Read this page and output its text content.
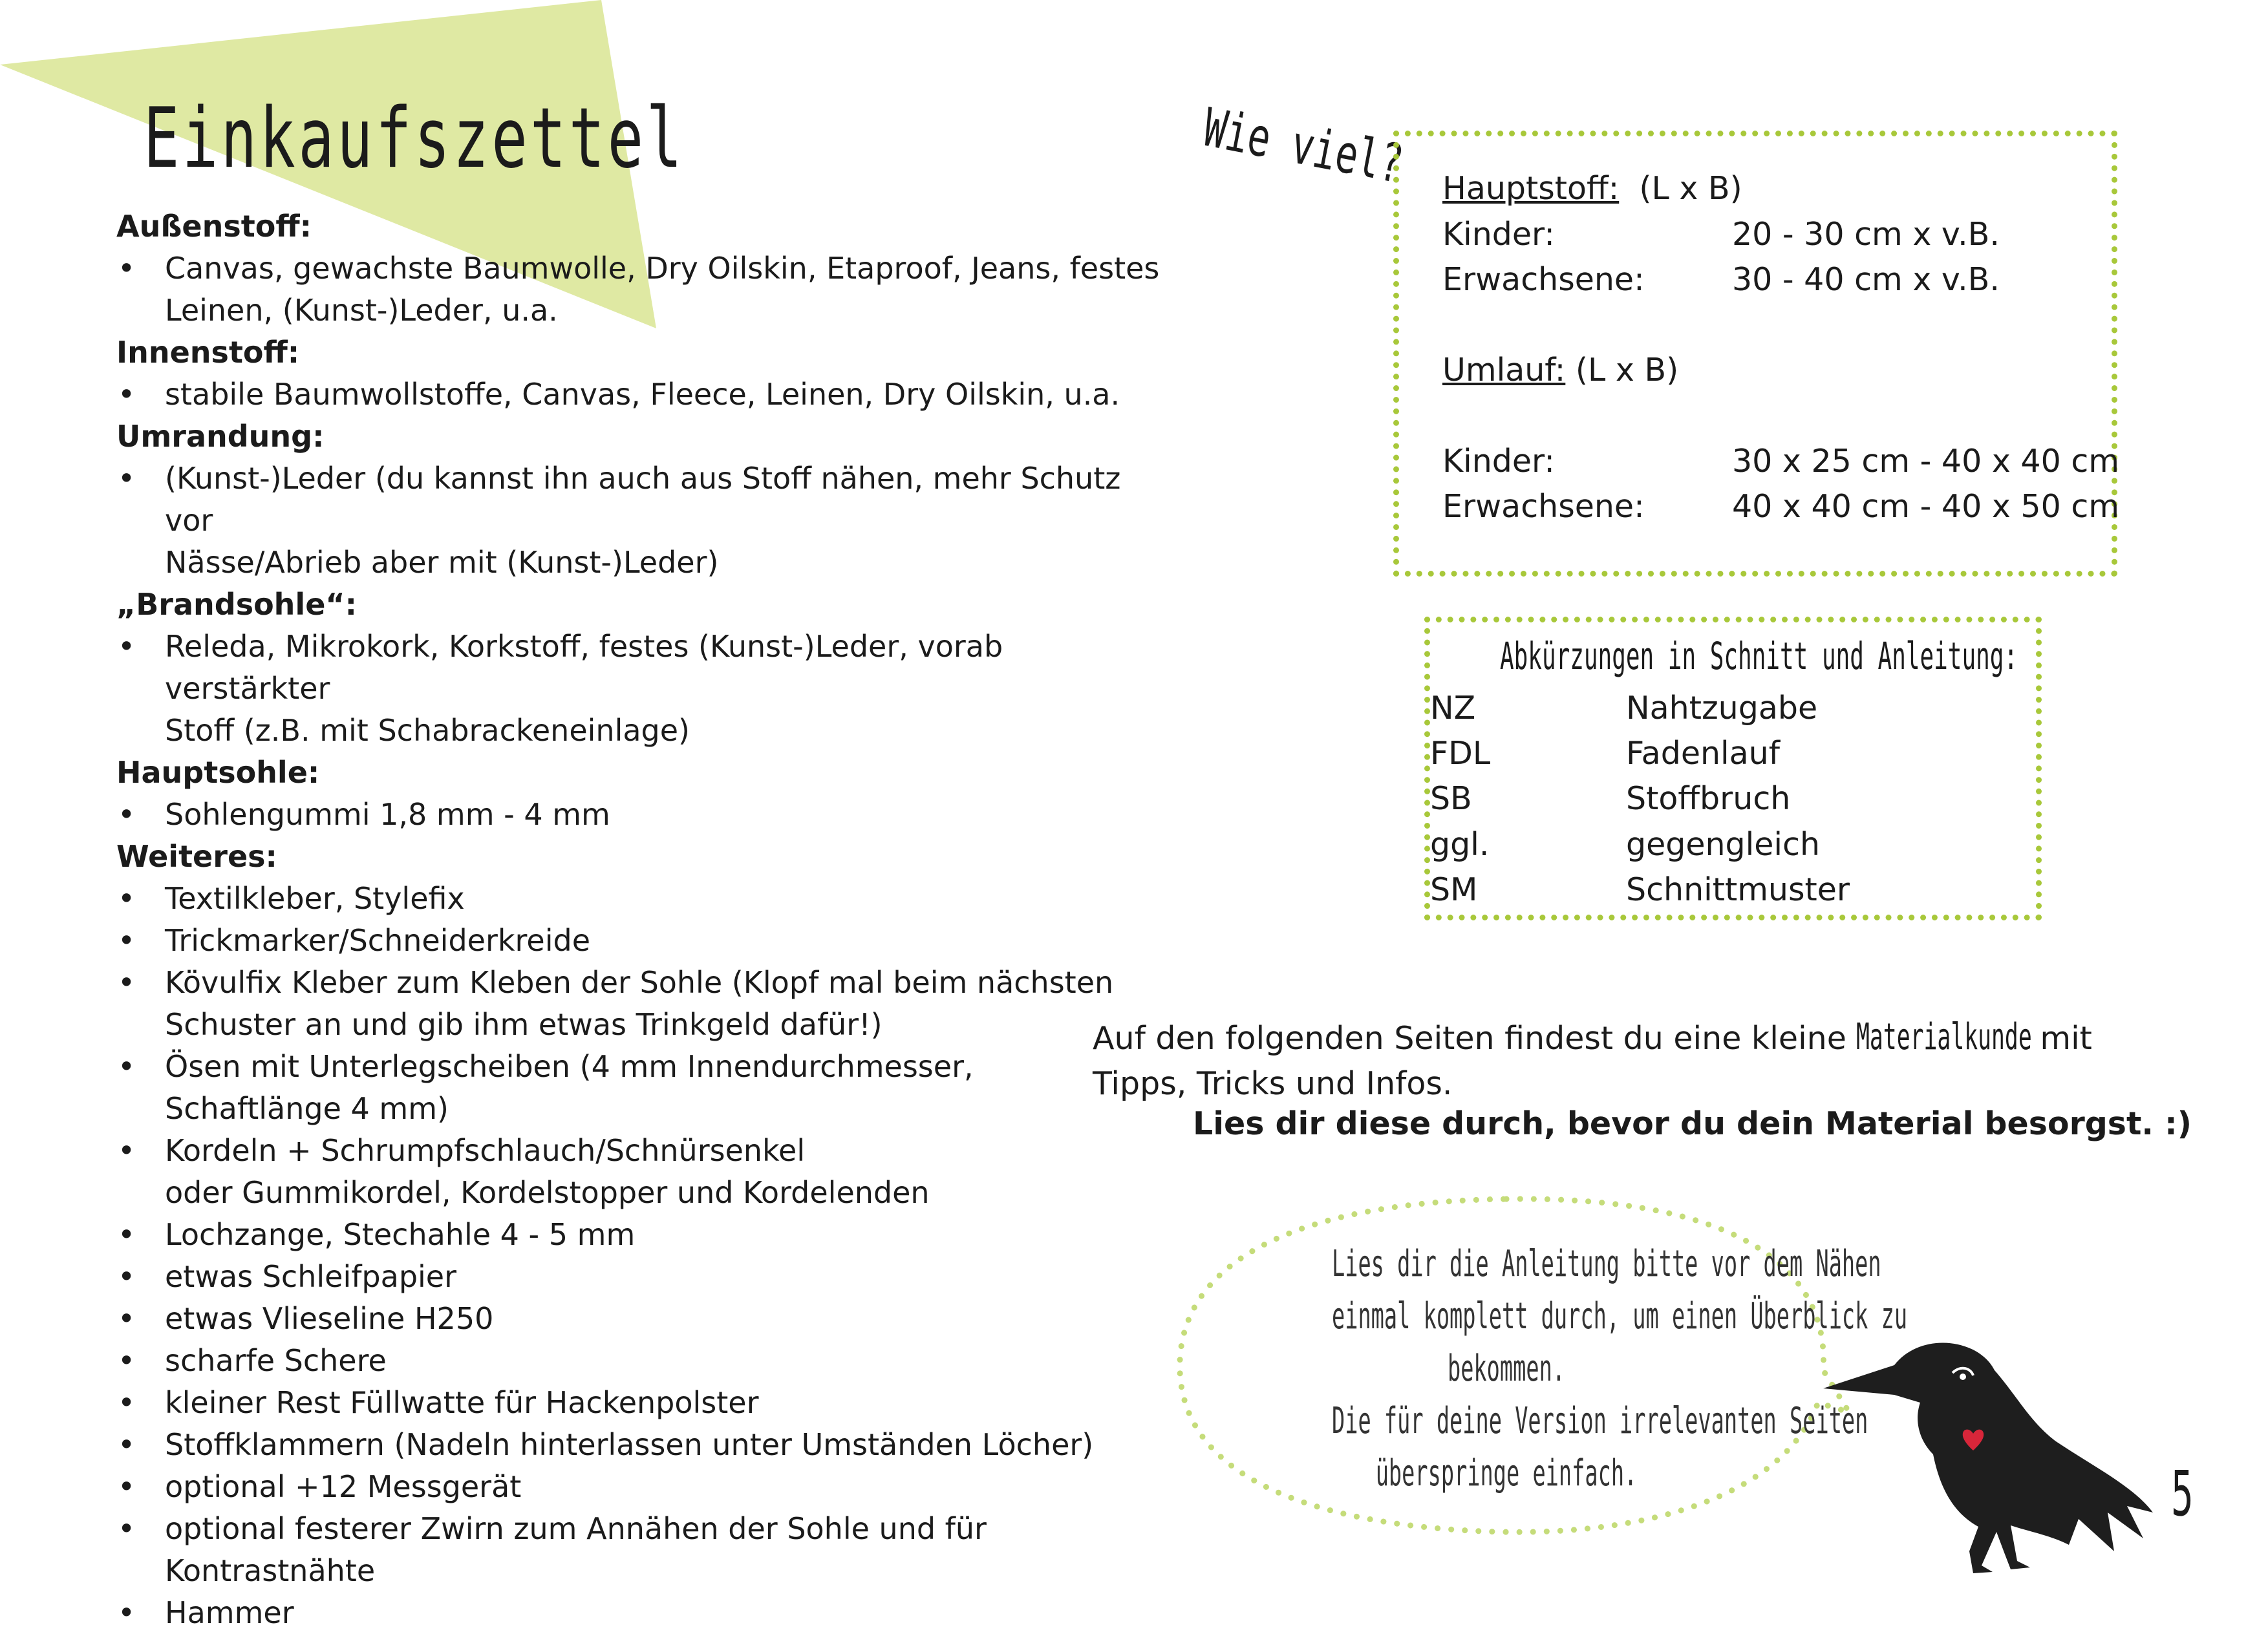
Einkaufszettel
Außenstoff:
• Canvas, gewachste Baumwolle, Dry Oilskin, Etaproof, Jeans, festes
Leinen, (Kunst-)Leder, u.a.
Innenstoff:
• stabile Baumwollstoffe, Canvas, Fleece, Leinen, Dry Oilskin, u.a.
Umrandung:
• (Kunst-)Leder (du kannst ihn auch aus Stoff nähen, mehr Schutz vor
Nässe/Abrieb aber mit (Kunst-)Leder)
„Brandsohle“:
• Releda, Mikrokork, Korkstoff, festes (Kunst-)Leder, vorab verstärkter
Stoff (z.B. mit Schabrackeneinlage)
Hauptsohle:
• Sohlengummi 1,8 mm - 4 mm
Weiteres:
• Textilkleber, Stylefix
• Trickmarker/Schneiderkreide
• Kövulfix Kleber zum Kleben der Sohle (Klopf mal beim nächsten
Schuster an und gib ihm etwas Trinkgeld dafür!)
• Ösen mit Unterlegscheiben (4 mm Innendurchmesser,
Schaftlänge 4 mm)
• Kordeln + Schrumpfschlauch/Schnürsenkel
oder Gummikordel, Kordelstopper und Kordelenden
• Lochzange, Stechahle 4 - 5 mm
• etwas Schleifpapier
• etwas Vlieseline H250
• scharfe Schere
• kleiner Rest Füllwatte für Hackenpolster
• Stoffklammern (Nadeln hinterlassen unter Umständen Löcher)
• optional +12 Messgerät
• optional festerer Zwirn zum Annähen der Sohle und für Kontrastnähte
• Hammer
Wie viel? Hauptstoff: (L x B)
Kinder:	20 - 30 cm x v.B.
Erwachsene:	30 - 40 cm x v.B.
Umlauf: (L x B)
Kinder:	30 x 25 cm - 40 x 40 cm
Erwachsene:	40 x 40 cm - 40 x 50 cm
Abkürzungen in Schnitt und Anleitung:
NZ	Nahtzugabe
FDL	Fadenlauf
SB	Stoffbruch
ggl.	gegengleich
SM	Schnittmuster
Auf den folgenden Seiten findest du eine kleine Materialkunde mit
Tipps, Tricks und Infos.
Lies dir diese durch, bevor du dein Material besorgst. :)
Lies dir die Anleitung bitte vor dem Nähen
einmal komplett durch, um einen Überblick zu
bekommen.
Die für deine Version irrelevanten Seiten
überspringe einfach.	5
